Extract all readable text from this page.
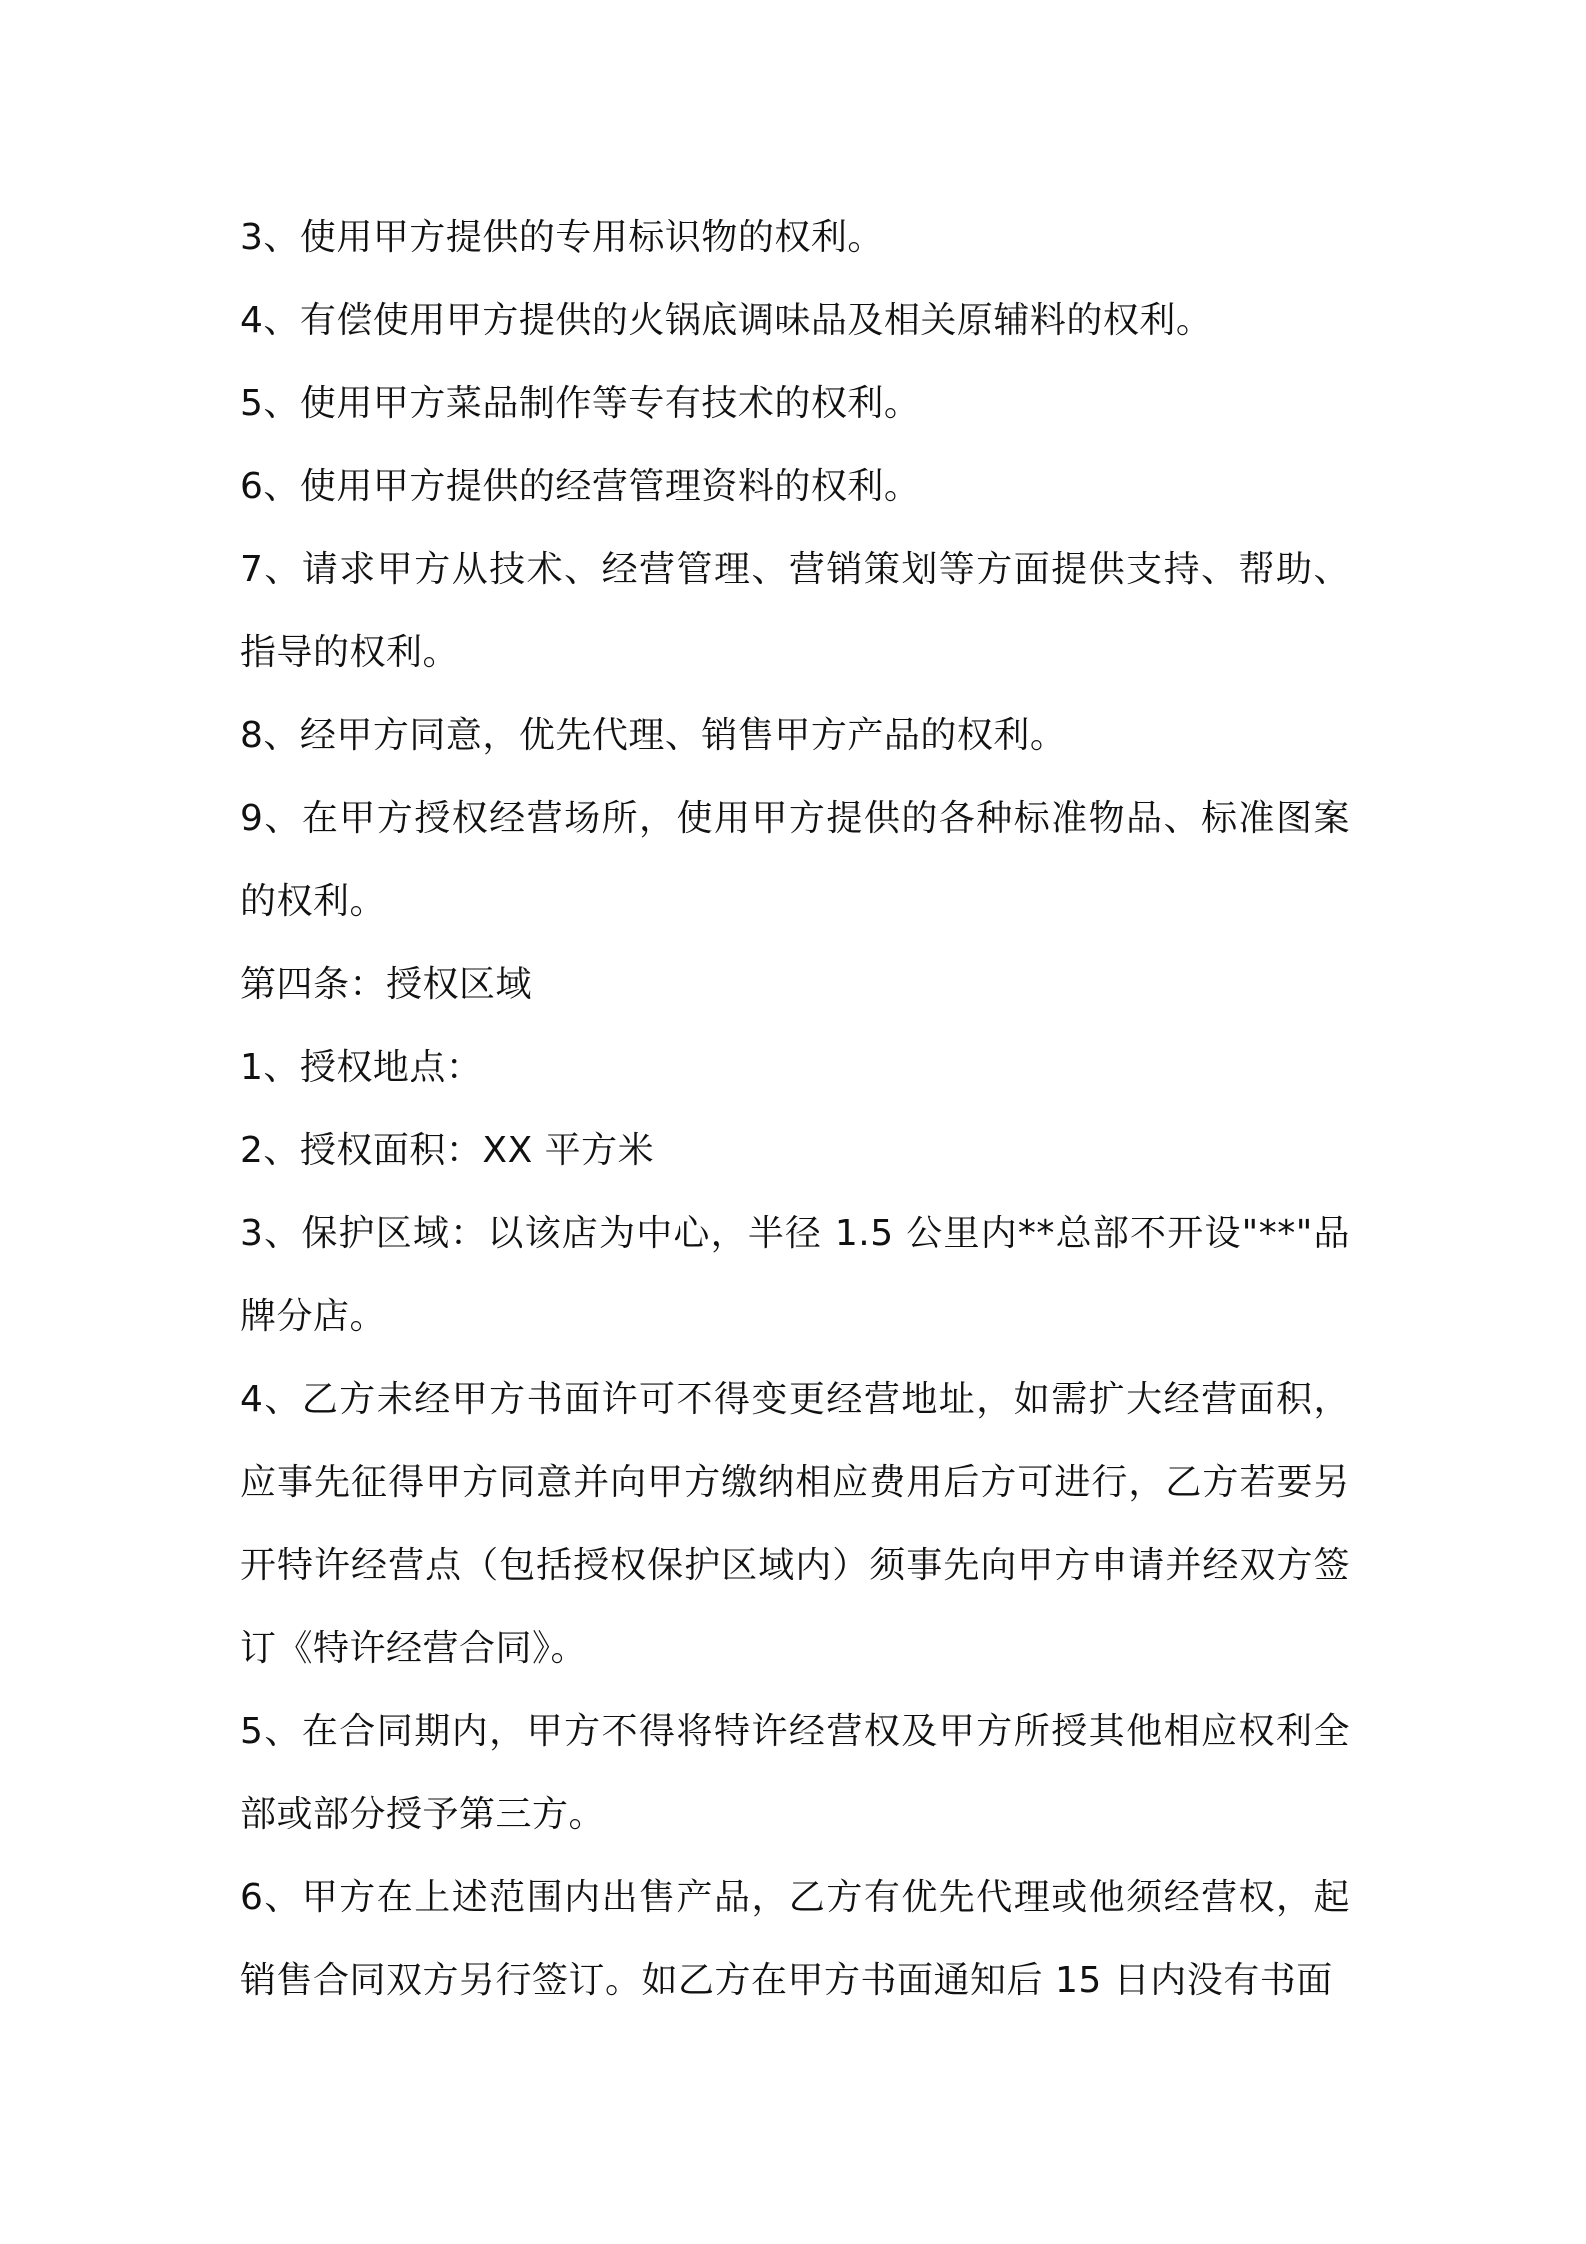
3、使用甲方提供的专用标识物的权利。

4、有偿使用甲方提供的火锅底调味品及相关原辅料的权利。

5、使用甲方菜品制作等专有技术的权利。

6、使用甲方提供的经营管理资料的权利。

7、请求甲方从技术、经营管理、营销策划等方面提供支持、帮助、指导的权利。

8、经甲方同意，优先代理、销售甲方产品的权利。

9、在甲方授权经营场所，使用甲方提供的各种标准物品、标准图案的权利。

第四条：授权区域

1、授权地点：

2、授权面积：XX 平方米

3、保护区域：以该店为中心，半径 1.5 公里内**总部不开设"**"品牌分店。

4、乙方未经甲方书面许可不得变更经营地址，如需扩大经营面积，应事先征得甲方同意并向甲方缴纳相应费用后方可进行，乙方若要另开特许经营点（包括授权保护区域内）须事先向甲方申请并经双方签订《特许经营合同》。

5、在合同期内，甲方不得将特许经营权及甲方所授其他相应权利全部或部分授予第三方。

6、甲方在上述范围内出售产品，乙方有优先代理或他须经营权，起销售合同双方另行签订。如乙方在甲方书面通知后 15 日内没有书面
